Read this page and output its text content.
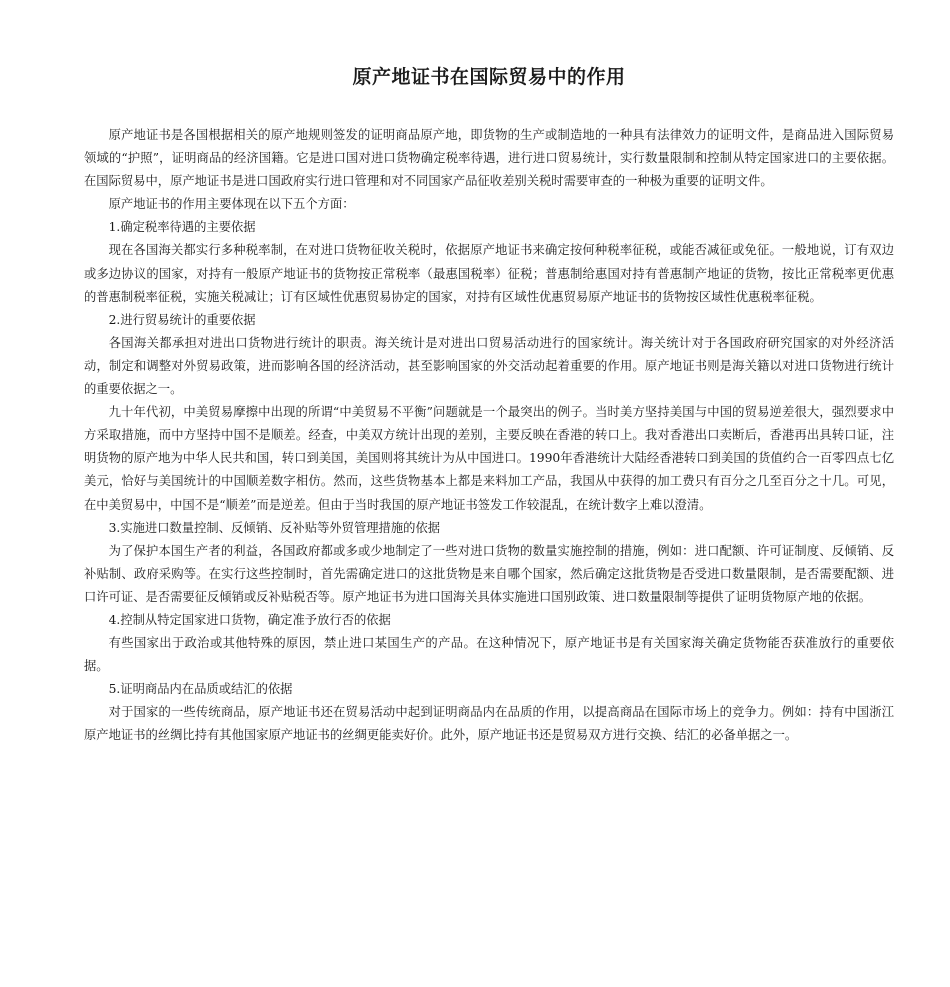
原产地证书在国际贸易中的作用

原产地证书是各国根据相关的原产地规则签发的证明商品原产地，即货物的生产或制造地的一种具有法律效力的证明文件，是商品进入国际贸易领域的“护照”，证明商品的经济国籍。它是进口国对进口货物确定税率待遇，进行进口贸易统计，实行数量限制和控制从特定国家进口的主要依据。在国际贸易中，原产地证书是进口国政府实行进口管理和对不同国家产品征收差别关税时需要审查的一种极为重要的证明文件。

原产地证书的作用主要体现在以下五个方面：

1.确定税率待遇的主要依据

现在各国海关都实行多种税率制，在对进口货物征收关税时，依据原产地证书来确定按何种税率征税，或能否减征或免征。一般地说，订有双边或多边协议的国家，对持有一般原产地证书的货物按正常税率（最惠国税率）征税；普惠制给惠国对持有普惠制产地证的货物，按比正常税率更优惠的普惠制税率征税，实施关税减让；订有区域性优惠贸易协定的国家，对持有区域性优惠贸易原产地证书的货物按区域性优惠税率征税。

2.进行贸易统计的重要依据

各国海关都承担对进出口货物进行统计的职责。海关统计是对进出口贸易活动进行的国家统计。海关统计对于各国政府研究国家的对外经济活动，制定和调整对外贸易政策，进而影响各国的经济活动，甚至影响国家的外交活动起着重要的作用。原产地证书则是海关籍以对进口货物进行统计的重要依据之一。

九十年代初，中美贸易摩擦中出现的所谓“中美贸易不平衡”问题就是一个最突出的例子。当时美方坚持美国与中国的贸易逆差很大，强烈要求中方采取措施，而中方坚持中国不是顺差。经查，中美双方统计出现的差别，主要反映在香港的转口上。我对香港出口卖断后，香港再出具转口证，注明货物的原产地为中华人民共和国，转口到美国，美国则将其统计为从中国进口。1990年香港统计大陆经香港转口到美国的货值约合一百零四点七亿美元，恰好与美国统计的中国顺差数字相仿。然而，这些货物基本上都是来料加工产品，我国从中获得的加工费只有百分之几至百分之十几。可见，在中美贸易中，中国不是“顺差”而是逆差。但由于当时我国的原产地证书签发工作较混乱，在统计数字上难以澄清。

3.实施进口数量控制、反倾销、反补贴等外贸管理措施的依据

为了保护本国生产者的利益，各国政府都或多或少地制定了一些对进口货物的数量实施控制的措施，例如：进口配额、许可证制度、反倾销、反补贴制、政府采购等。在实行这些控制时，首先需确定进口的这批货物是来自哪个国家，然后确定这批货物是否受进口数量限制，是否需要配额、进口许可证、是否需要征反倾销或反补贴税否等。原产地证书为进口国海关具体实施进口国别政策、进口数量限制等提供了证明货物原产地的依据。

4.控制从特定国家进口货物，确定准予放行否的依据

有些国家出于政治或其他特殊的原因，禁止进口某国生产的产品。在这种情况下，原产地证书是有关国家海关确定货物能否获准放行的重要依据。

5.证明商品内在品质或结汇的依据

对于国家的一些传统商品，原产地证书还在贸易活动中起到证明商品内在品质的作用，以提高商品在国际市场上的竞争力。例如：持有中国浙江原产地证书的丝绸比持有其他国家原产地证书的丝绸更能卖好价。此外，原产地证书还是贸易双方进行交换、结汇的必备单据之一。
